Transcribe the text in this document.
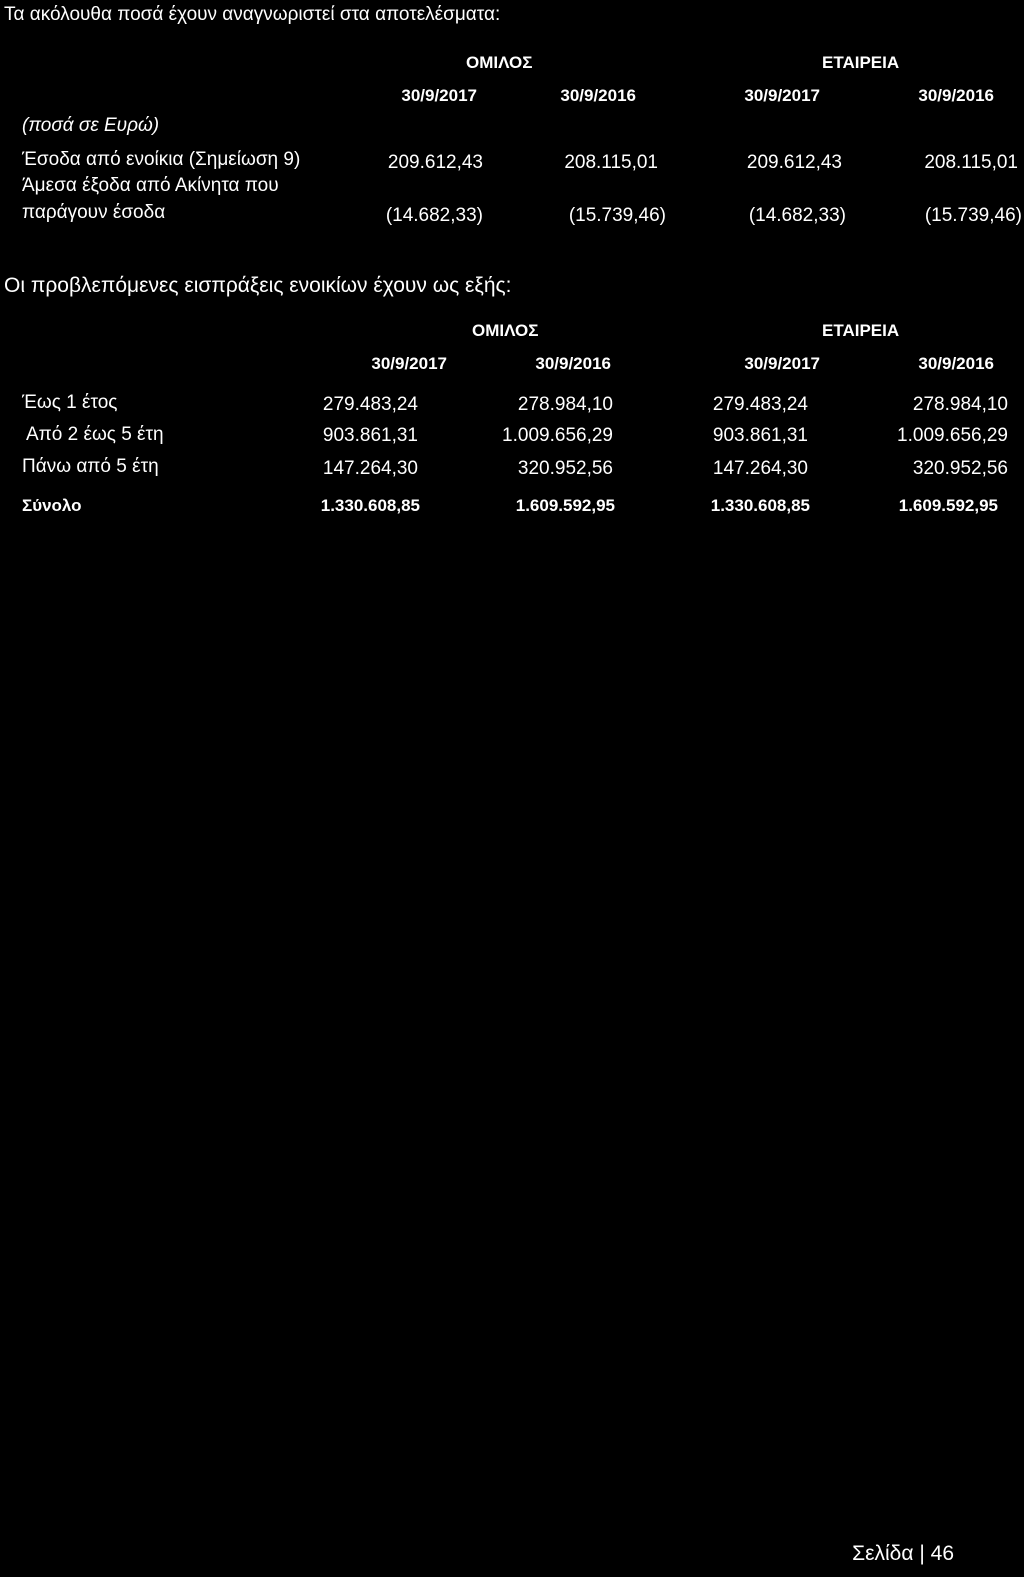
Τα ακόλουθα ποσά έχουν αναγνωριστεί στα αποτελέσματα:
ΟΜΙΛΟΣ	ΕΤΑΙΡΕΙΑ
30/9/2017	30/9/2016	30/9/2017	30/9/2016
(ποσά σε Ευρώ)
Έσοδα από ενοίκια (Σημείωση 9)	209.612,43	208.115,01	209.612,43	208.115,01
Άμεσα έξοδα από Ακίνητα που
παράγουν έσοδα	(14.682,33)	(15.739,46)	(14.682,33)	(15.739,46)
Οι προβλεπόμενες εισπράξεις ενοικίων έχουν ως εξής:
ΟΜΙΛΟΣ	ΕΤΑΙΡΕΙΑ
30/9/2017	30/9/2016	30/9/2017	30/9/2016
Έως 1 έτος	279.483,24	278.984,10	279.483,24	278.984,10
Από 2 έως 5 έτη	903.861,31	1.009.656,29	903.861,31	1.009.656,29
Πάνω από 5 έτη	147.264,30	320.952,56	147.264,30	320.952,56
Σύνολο	1.330.608,85	1.609.592,95	1.330.608,85	1.609.592,95
Σελίδα | 46
